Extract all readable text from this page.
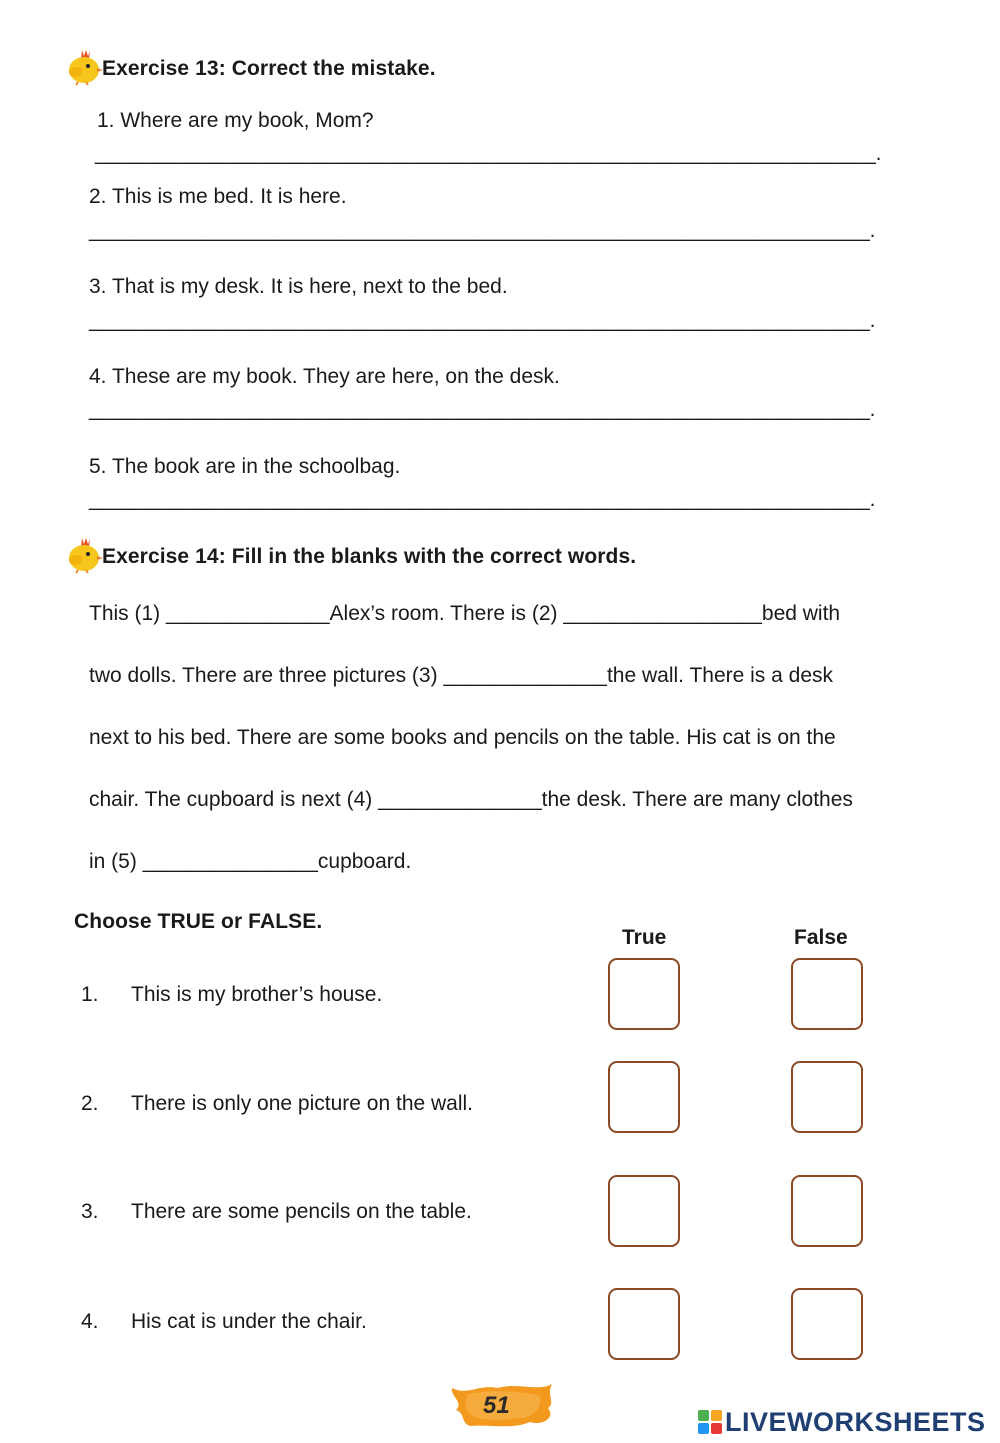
Exercise 13: Correct the mistake.
1. Where are my book, Mom?
____________________________________________________________________.
2. This is me bed. It is here.
____________________________________________________________________.
3. That is my desk. It is here, next to the bed.
____________________________________________________________________.
4. These are my book. They are here, on the desk.
____________________________________________________________________.
5. The book are in the schoolbag.
____________________________________________________________________.
Exercise 14: Fill in the blanks with the correct words.
This (1) ______________Alex’s room. There is (2) _________________bed with
two dolls. There are three pictures (3) ______________the wall. There is a desk
next to his bed. There are some books and pencils on the table. His cat is on the
chair. The cupboard is next (4) ______________the desk. There are many clothes
in (5) _______________cupboard.
Choose TRUE or FALSE.
True	False
1. This is my brother’s house.
2. There is only one picture on the wall.
3. There are some pencils on the table.
4. His cat is under the chair.
51
LIVEWORKSHEETS
